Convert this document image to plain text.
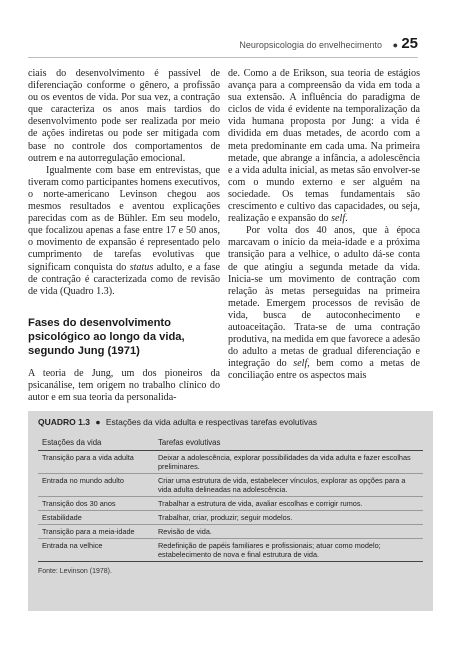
Neuropsicologia do envelhecimento ● 25

ciais do desenvolvimento é passível de diferenciação conforme o gênero, a profissão ou os eventos de vida. Por sua vez, a contração que caracteriza os anos mais tardios do desenvolvimento pode ser realizada por meio de ações indiretas ou pode ser mitigada com base no controle dos comportamentos de outrem e na autorregulação emocional.

Igualmente com base em entrevistas, que tiveram como participantes homens executivos, o norte-americano Levinson chegou aos mesmos resultados e aventou explicações parecidas com as de Bühler. Em seu modelo, que focalizou apenas a fase entre 17 e 50 anos, o movimento de expansão é representado pelo cumprimento de tarefas evolutivas que significam conquista do status adulto, e a fase de contração é caracterizada como de revisão de vida (Quadro 1.3).

Fases do desenvolvimento psicológico ao longo da vida, segundo Jung (1971)

A teoria de Jung, um dos pioneiros da psicanálise, tem origem no trabalho clínico do autor e em sua teoria da personalida-

de. Como a de Erikson, sua teoria de estágios avança para a compreensão da vida em toda a sua extensão. A influência do paradigma de ciclos de vida é evidente na temporalização da vida humana proposta por Jung: a vida é dividida em duas metades, de acordo com a meta predominante em cada uma. Na primeira metade, que abrange a infância, a adolescência e a vida adulta inicial, as metas são envolver-se com o mundo externo e ser alguém na sociedade. Os temas fundamentais são crescimento e cultivo das capacidades, ou seja, realização e expansão do self.

Por volta dos 40 anos, que à época marcavam o início da meia-idade e a próxima transição para a velhice, o adulto dá-se conta de que atingiu a segunda metade da vida. Inicia-se um movimento de contração com relação às metas perseguidas na primeira metade. Emergem processos de revisão de vida, busca de autoconhecimento e autoaceitação. Trata-se de uma contração produtiva, na medida em que favorece a adesão do adulto a metas de gradual diferenciação e integração do self, bem como a metas de conciliação entre os aspectos mais

QUADRO 1.3 ● Estações da vida adulta e respectivas tarefas evolutivas
Estações da vida	Tarefas evolutivas
Transição para a vida adulta	Deixar a adolescência, explorar possibilidades da vida adulta e fazer escolhas preliminares.
Entrada no mundo adulto	Criar uma estrutura de vida, estabelecer vínculos, explorar as opções para a vida adulta delineadas na adolescência.
Transição dos 30 anos	Trabalhar a estrutura de vida, avaliar escolhas e corrigir rumos.
Estabilidade	Trabalhar, criar, produzir; seguir modelos.
Transição para a meia-idade	Revisão de vida.
Entrada na velhice	Redefinição de papéis familiares e profissionais; atuar como modelo; estabelecimento de nova e final estrutura de vida.
Fonte: Levinson (1978).
